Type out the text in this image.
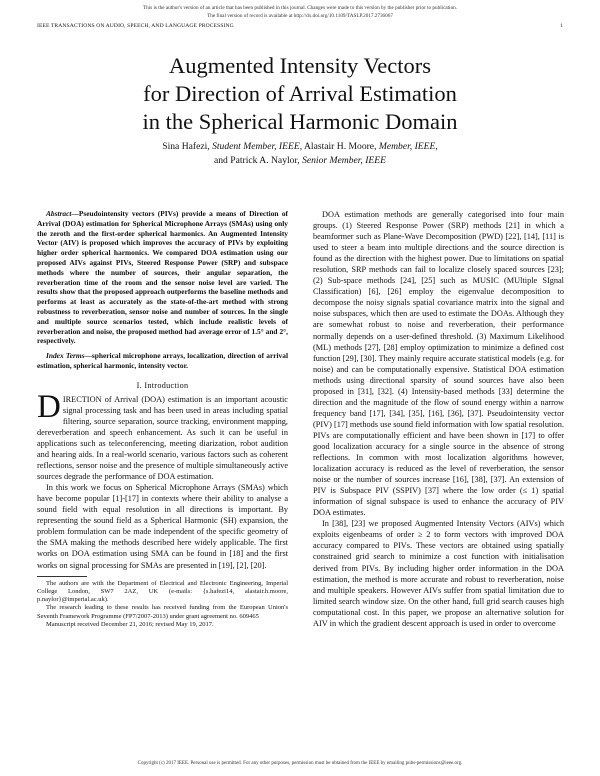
This is the author's version of an article that has been published in this journal. Changes were made to this version by the publisher prior to publication.
The final version of record is available at http://dx.doi.org/10.1109/TASLP.2017.2736067
IEEE TRANSACTIONS ON AUDIO, SPEECH, AND LANGUAGE PROCESSING	1
Augmented Intensity Vectors
for Direction of Arrival Estimation
in the Spherical Harmonic Domain
Sina Hafezi, Student Member, IEEE, Alastair H. Moore, Member, IEEE,
and Patrick A. Naylor, Senior Member, IEEE

Abstract—Pseudointensity vectors (PIVs) provide a means of Direction of Arrival (DOA) estimation for Spherical Microphone Arrays (SMAs) using only the zeroth and the first-order spherical harmonics. An Augmented Intensity Vector (AIV) is proposed which improves the accuracy of PIVs by exploiting higher order spherical harmonics. We compared DOA estimation using our proposed AIVs against PIVs, Steered Response Power (SRP) and subspace methods where the number of sources, their angular separation, the reverberation time of the room and the sensor noise level are varied. The results show that the proposed approach outperforms the baseline methods and performs at least as accurately as the state-of-the-art method with strong robustness to reverberation, sensor noise and number of sources. In the single and multiple source scenarios tested, which include realistic levels of reverberation and noise, the proposed method had average error of 1.5° and 2°, respectively.

Index Terms—spherical microphone arrays, localization, direction of arrival estimation, spherical harmonic, intensity vector.

I. Introduction

DIRECTION of Arrival (DOA) estimation is an important acoustic signal processing task and has been used in areas including spatial filtering, source separation, source tracking, environment mapping, dereverberation and speech enhancement. As such it can be useful in applications such as teleconferencing, meeting diarization, robot audition and hearing aids. In a real-world scenario, various factors such as coherent reflections, sensor noise and the presence of multiple simultaneously active sources degrade the performance of DOA estimation.

In this work we focus on Spherical Microphone Arrays (SMAs) which have become popular [1]-[17] in contexts where their ability to analyse a sound field with equal resolution in all directions is important. By representing the sound field as a Spherical Harmonic (SH) expansion, the problem formulation can be made independent of the specific geometry of the SMA making the methods described here widely applicable. The first works on DOA estimation using SMA can be found in [18] and the first works on signal processing for SMAs are presented in [19], [2], [20].

The authors are with the Department of Electrical and Electronic Engineering, Imperial College London, SW7 2AZ, UK (e-mails: {s.hafezi14, alastair.h.moore, p.naylor}@imperial.ac.uk).

The research leading to these results has received funding from the European Union's Seventh Framework Programme (FP7/2007-2013) under grant agreement no. 609465

Manuscript received December 21, 2016; revised May 19, 2017.

DOA estimation methods are generally categorised into four main groups. (1) Steered Response Power (SRP) methods [21] in which a beamformer such as Plane-Wave Decomposition (PWD) [22], [14], [11] is used to steer a beam into multiple directions and the source direction is found as the direction with the highest power. Due to limitations on spatial resolution, SRP methods can fail to localize closely spaced sources [23]; (2) Sub-space methods [24], [25] such as MUSIC (MUltiple SIgnal Classification) [6], [26] employ the eigenvalue decomposition to decompose the noisy signals spatial covariance matrix into the signal and noise subspaces, which then are used to estimate the DOAs. Although they are somewhat robust to noise and reverberation, their performance normally depends on a user-defined threshold. (3) Maximum Likelihood (ML) methods [27], [28] employ optimization to minimize a defined cost function [29], [30]. They mainly require accurate statistical models (e.g. for noise) and can be computationally expensive. Statistical DOA estimation methods using directional sparsity of sound sources have also been proposed in [31], [32]. (4) Intensity-based methods [33] determine the direction and the magnitude of the flow of sound energy within a narrow frequency band [17], [34], [35], [16], [36], [37]. Pseudointensity vector (PIV) [17] methods use sound field information with low spatial resolution. PIVs are computationally efficient and have been shown in [17] to offer good localization accuracy for a single source in the absence of strong reflections. In common with most localization algorithms however, localization accuracy is reduced as the level of reverberation, the sensor noise or the number of sources increase [16], [38], [37]. An extension of PIV is Subspace PIV (SSPIV) [37] where the low order (≤ 1) spatial information of signal subspace is used to enhance the accuracy of PIV DOA estimates.

In [38], [23] we proposed Augmented Intensity Vectors (AIVs) which exploits eigenbeams of order ≥ 2 to form vectors with improved DOA accuracy compared to PIVs. These vectors are obtained using spatially constrained grid search to minimize a cost function with initialisation derived from PIVs. By including higher order information in the DOA estimation, the method is more accurate and robust to reverberation, noise and multiple speakers. However AIVs suffer from spatial limitation due to limited search window size. On the other hand, full grid search causes high computational cost. In this paper, we propose an alternative solution for AIV in which the gradient descent approach is used in order to overcome

Copyright (c) 2017 IEEE. Personal use is permitted. For any other purposes, permission must be obtained from the IEEE by emailing pubs-permissions@ieee.org.
